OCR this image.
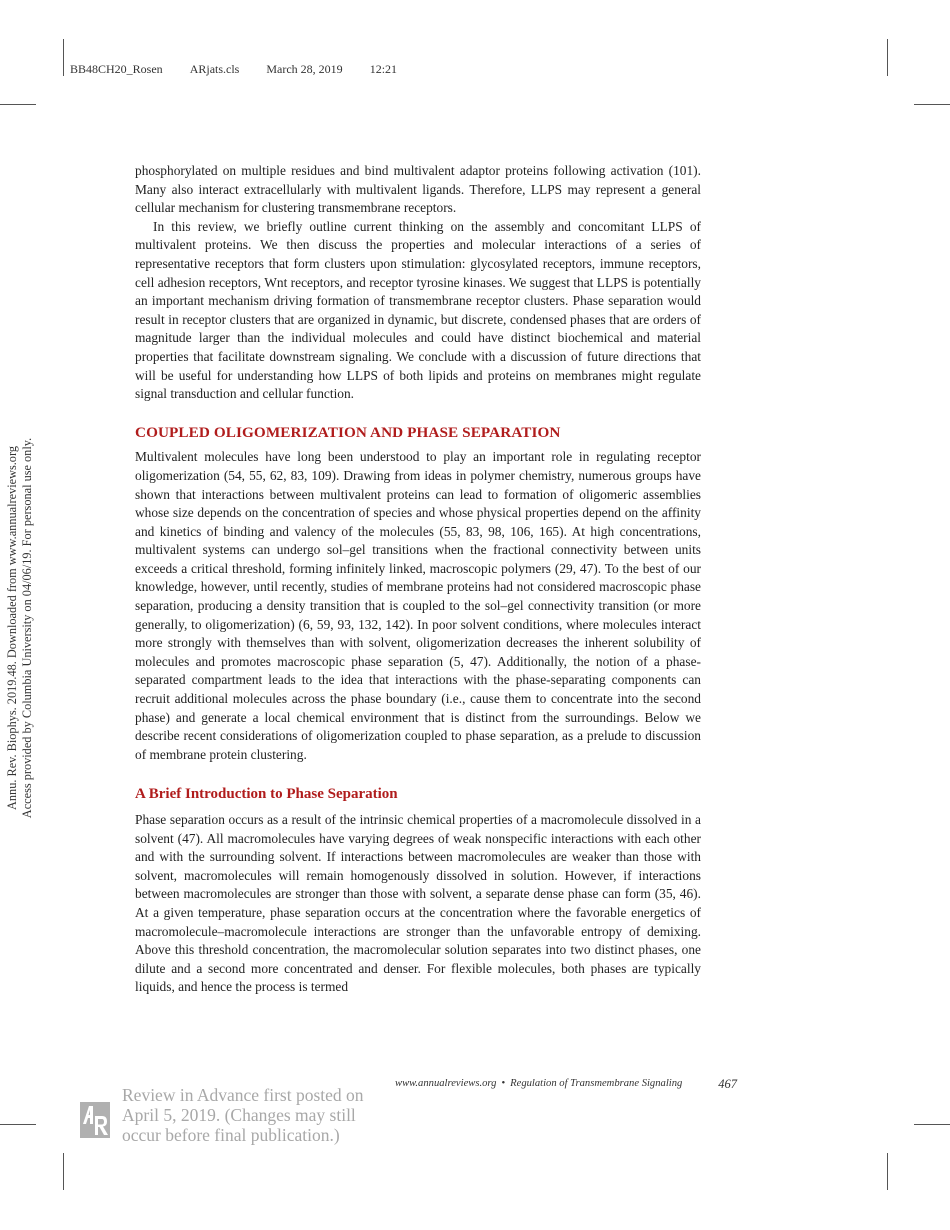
BB48CH20_Rosen ARjats.cls March 28, 2019 12:21
Annu. Rev. Biophys. 2019.48. Downloaded from www.annualreviews.org Access provided by Columbia University on 04/06/19. For personal use only.

phosphorylated on multiple residues and bind multivalent adaptor proteins following activation (101). Many also interact extracellularly with multivalent ligands. Therefore, LLPS may represent a general cellular mechanism for clustering transmembrane receptors.

In this review, we briefly outline current thinking on the assembly and concomitant LLPS of multivalent proteins. We then discuss the properties and molecular interactions of a series of representative receptors that form clusters upon stimulation: glycosylated receptors, immune receptors, cell adhesion receptors, Wnt receptors, and receptor tyrosine kinases. We suggest that LLPS is potentially an important mechanism driving formation of transmembrane receptor clusters. Phase separation would result in receptor clusters that are organized in dynamic, but discrete, condensed phases that are orders of magnitude larger than the individual molecules and could have distinct biochemical and material properties that facilitate downstream signaling. We conclude with a discussion of future directions that will be useful for understanding how LLPS of both lipids and proteins on membranes might regulate signal transduction and cellular function.

COUPLED OLIGOMERIZATION AND PHASE SEPARATION

Multivalent molecules have long been understood to play an important role in regulating receptor oligomerization (54, 55, 62, 83, 109). Drawing from ideas in polymer chemistry, numerous groups have shown that interactions between multivalent proteins can lead to formation of oligomeric assemblies whose size depends on the concentration of species and whose physical properties depend on the affinity and kinetics of binding and valency of the molecules (55, 83, 98, 106, 165). At high concentrations, multivalent systems can undergo sol–gel transitions when the fractional connectivity between units exceeds a critical threshold, forming infinitely linked, macroscopic polymers (29, 47). To the best of our knowledge, however, until recently, studies of membrane proteins had not considered macroscopic phase separation, producing a density transition that is coupled to the sol–gel connectivity transition (or more generally, to oligomerization) (6, 59, 93, 132, 142). In poor solvent conditions, where molecules interact more strongly with themselves than with solvent, oligomerization decreases the inherent solubility of molecules and promotes macroscopic phase separation (5, 47). Additionally, the notion of a phase-separated compartment leads to the idea that interactions with the phase-separating components can recruit additional molecules across the phase boundary (i.e., cause them to concentrate into the second phase) and generate a local chemical environment that is distinct from the surroundings. Below we describe recent considerations of oligomerization coupled to phase separation, as a prelude to discussion of membrane protein clustering.

A Brief Introduction to Phase Separation

Phase separation occurs as a result of the intrinsic chemical properties of a macromolecule dissolved in a solvent (47). All macromolecules have varying degrees of weak nonspecific interactions with each other and with the surrounding solvent. If interactions between macromolecules are weaker than those with solvent, macromolecules will remain homogenously dissolved in solution. However, if interactions between macromolecules are stronger than those with solvent, a separate dense phase can form (35, 46). At a given temperature, phase separation occurs at the concentration where the favorable energetics of macromolecule–macromolecule interactions are stronger than the unfavorable entropy of demixing. Above this threshold concentration, the macromolecular solution separates into two distinct phases, one dilute and a second more concentrated and denser. For flexible molecules, both phases are typically liquids, and hence the process is termed

www.annualreviews.org • Regulation of Transmembrane Signaling	467
Review in Advance first posted on
April 5, 2019. (Changes may still
occur before final publication.)
